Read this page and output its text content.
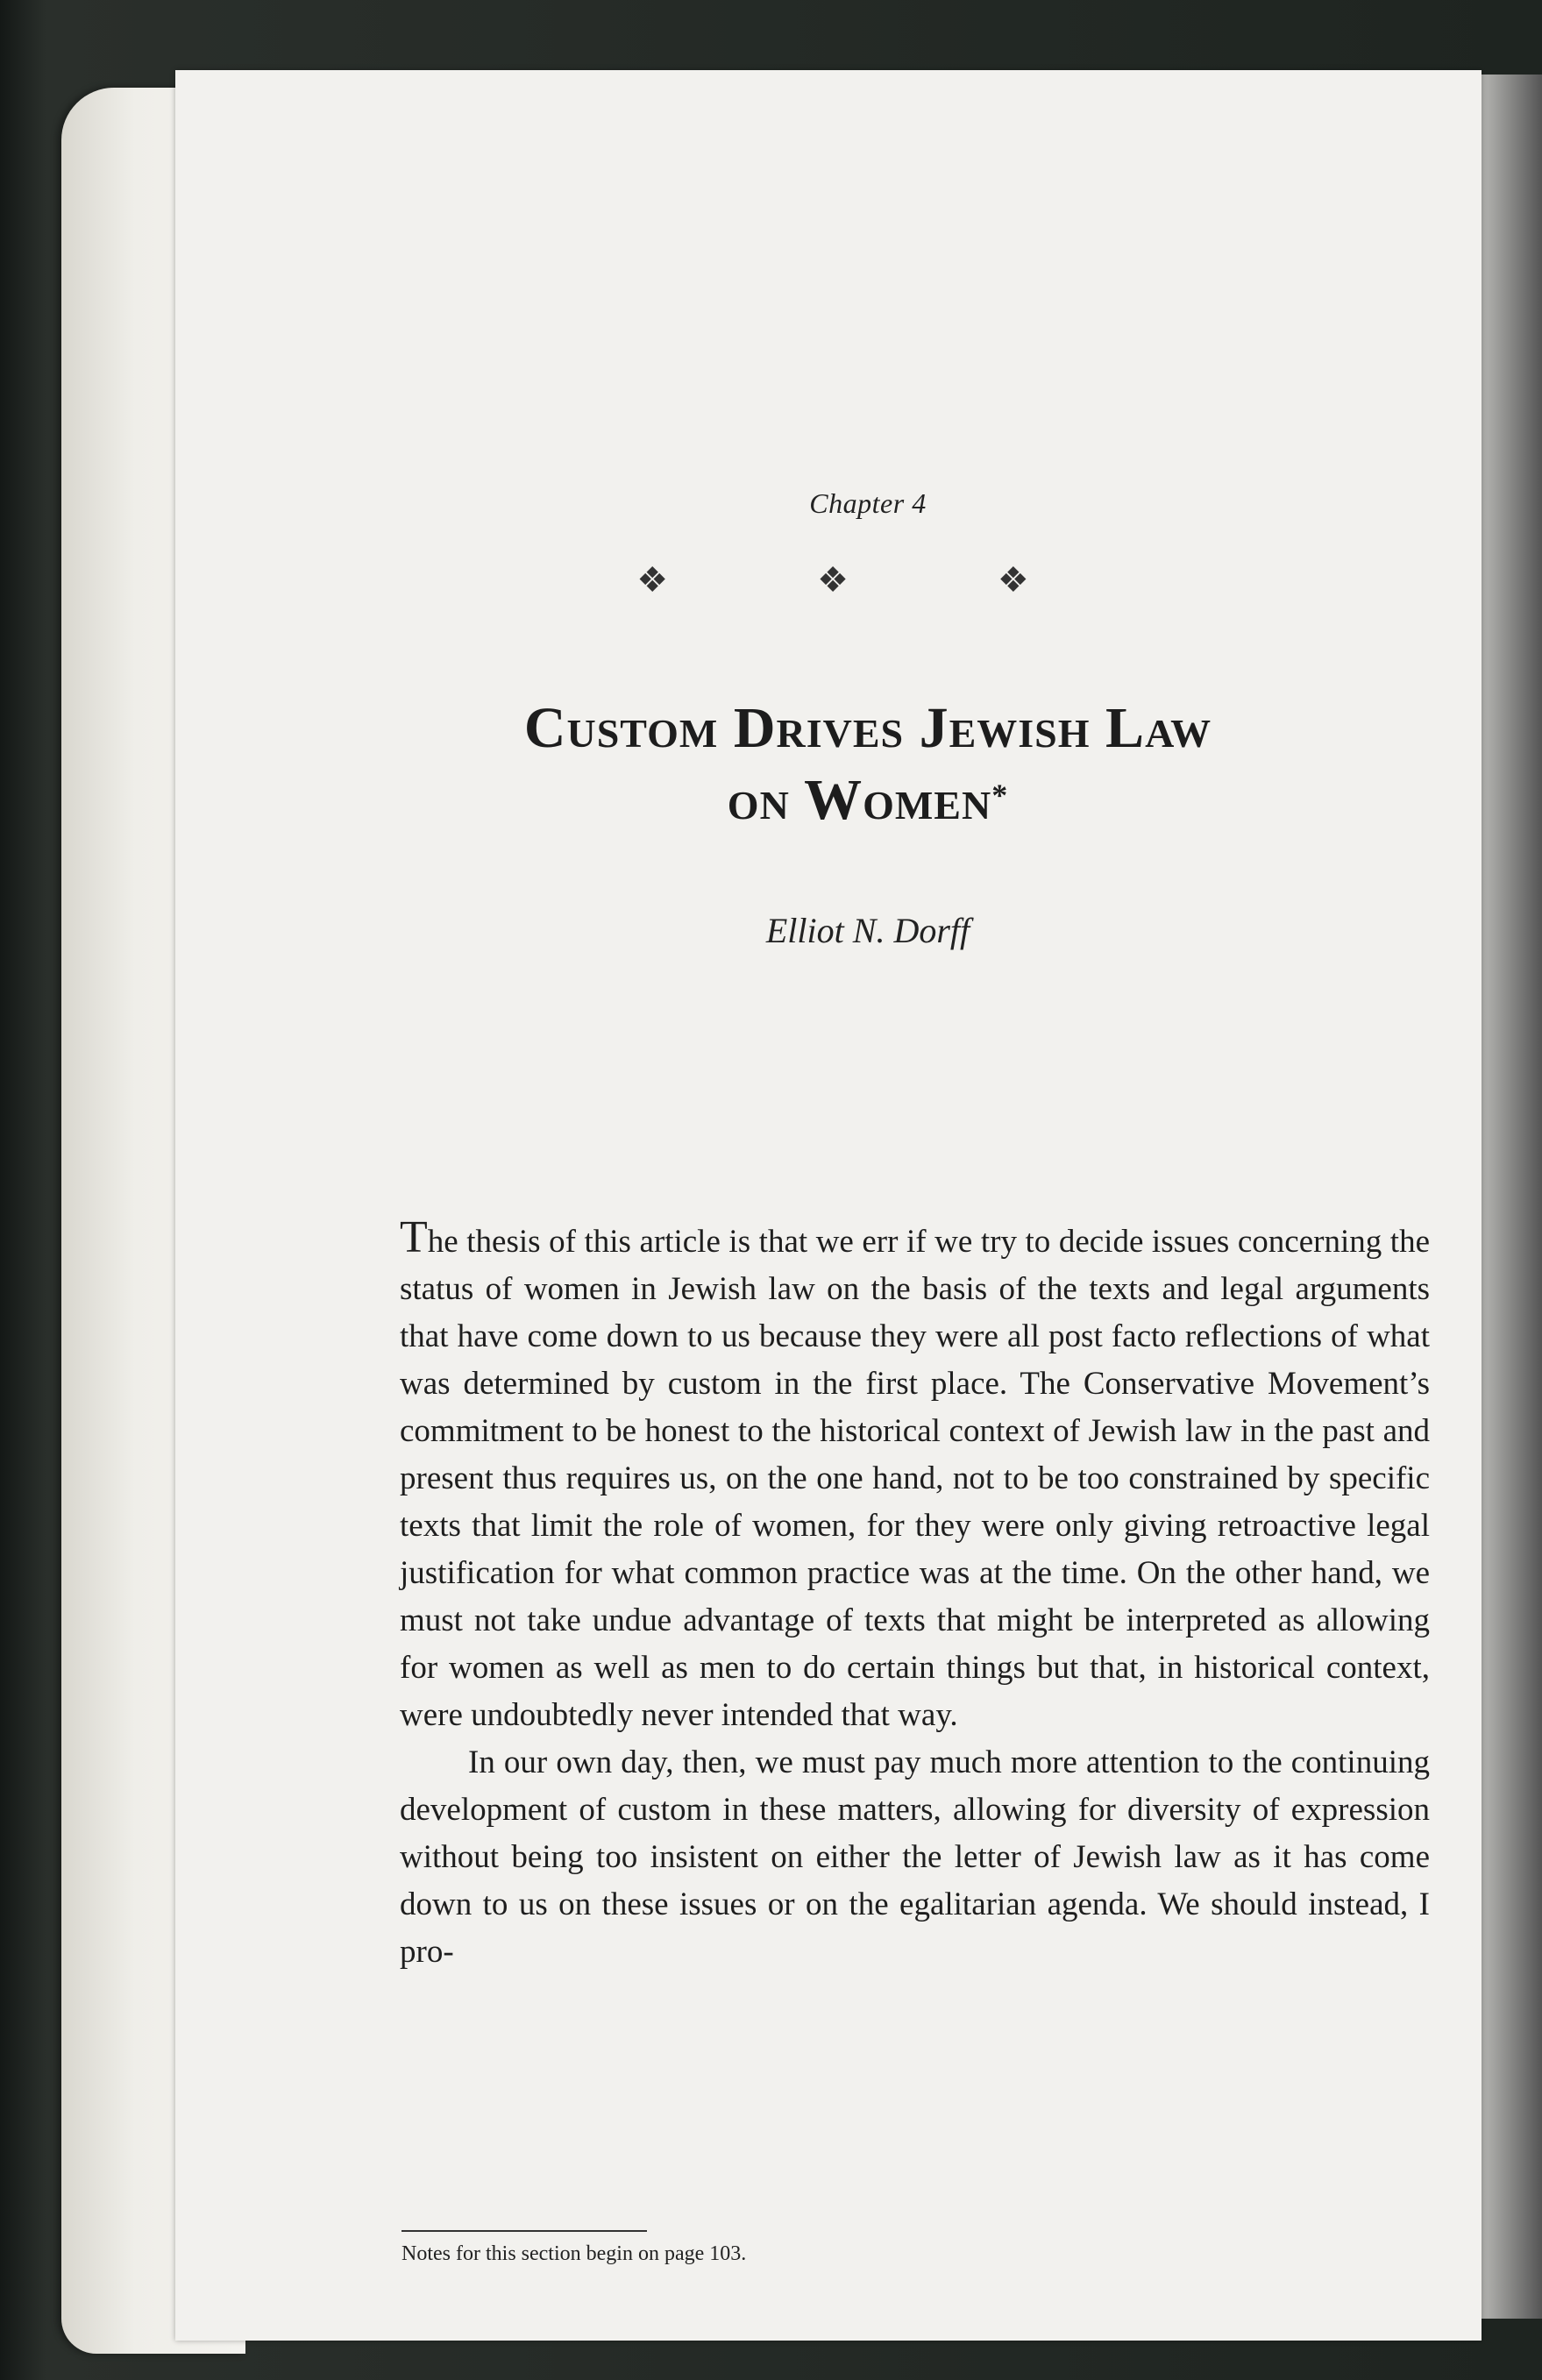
Chapter 4
❖ ❖ ❖
Custom Drives Jewish Law
on Women*
Elliot N. Dorff

The thesis of this article is that we err if we try to decide issues concerning the status of women in Jewish law on the basis of the texts and legal arguments that have come down to us because they were all post facto reflections of what was determined by custom in the first place. The Conservative Movement’s commitment to be honest to the historical context of Jewish law in the past and present thus requires us, on the one hand, not to be too constrained by specific texts that limit the role of women, for they were only giving retroactive legal justification for what common practice was at the time. On the other hand, we must not take undue advantage of texts that might be interpreted as allowing for women as well as men to do certain things but that, in historical context, were undoubtedly never intended that way.

In our own day, then, we must pay much more attention to the continuing development of custom in these matters, allowing for diversity of expression without being too insistent on either the letter of Jewish law as it has come down to us on these issues or on the egalitarian agenda. We should instead, I pro-

Notes for this section begin on page 103.
